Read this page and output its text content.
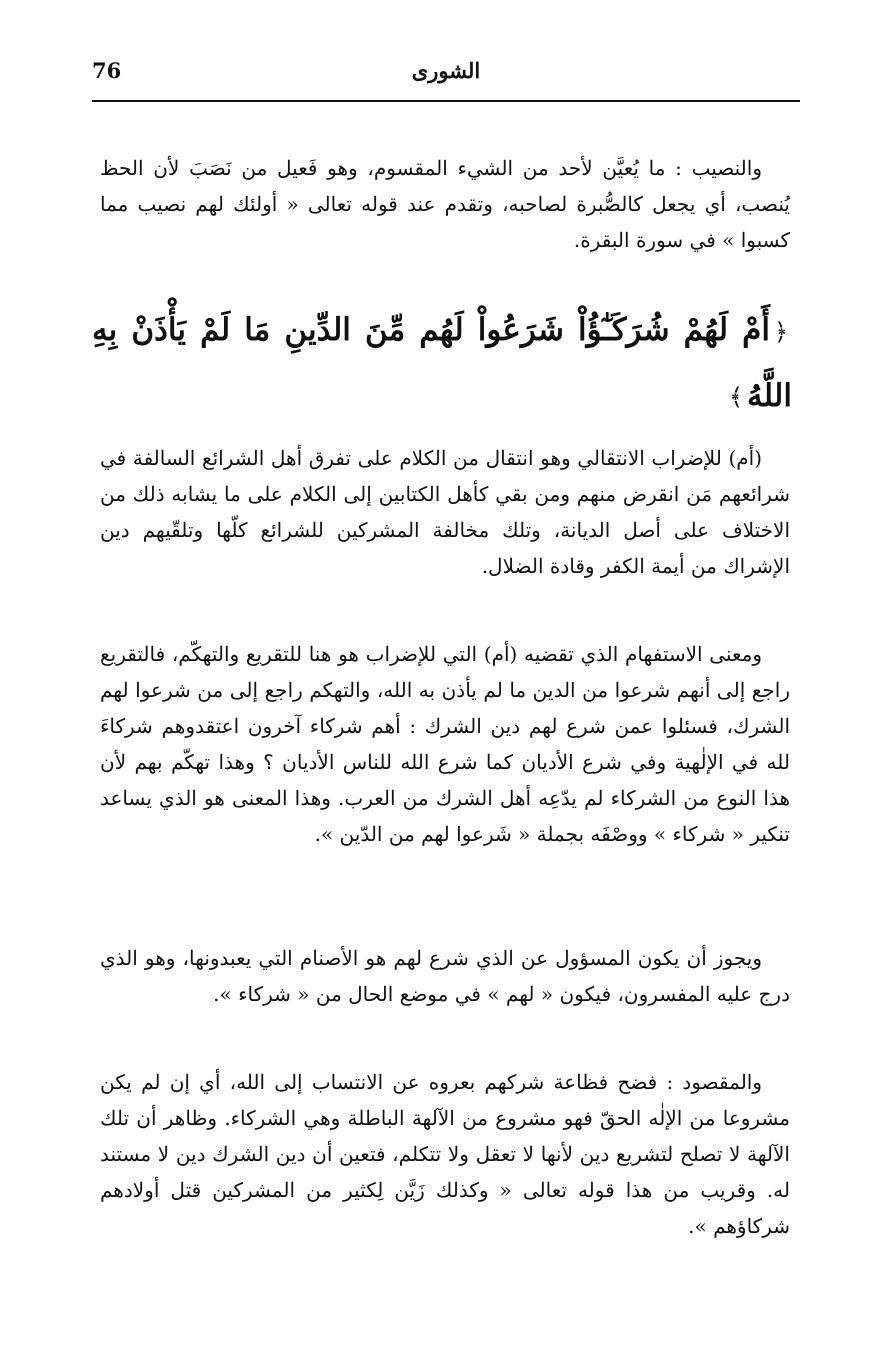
76	الشورى

والنصيب : ما يُعيَّن لأحد من الشيء المقسوم، وهو فَعيل من نَصَبَ لأن الحظ يُنصب، أي يجعل كالصُّبرة لصاحبه، وتقدم عند قوله تعالى « أولئك لهم نصيب مما كسبوا » في سورة البقرة.

﴿أَمْ لَهُمْ شُرَكَـٰٓؤُاْ شَرَعُواْ لَهُم مِّنَ الدِّينِ مَا لَمْ يَأْذَنْ بِهِ اللَّهُ﴾

(أم) للإضراب الانتقالي وهو انتقال من الكلام على تفرق أهل الشرائع السالفة في شرائعهم مَن انقرض منهم ومن بقي كأهل الكتابين إلى الكلام على ما يشابه ذلك من الاختلاف على أصل الديانة، وتلك مخالفة المشركين للشرائع كلّها وتلقّيهم دين الإشراك من أيمة الكفر وقادة الضلال.

ومعنى الاستفهام الذي تقضيه (أم) التي للإضراب هو هنا للتقريع والتهكّم، فالتقريع راجع إلى أنهم شرعوا من الدين ما لم يأذن به الله، والتهكم راجع إلى من شرعوا لهم الشرك، فسئلوا عمن شرع لهم دين الشرك : أهم شركاء آخرون اعتقدوهم شركاءَ لله في الإلٰهية وفي شرع الأديان كما شرع الله للناس الأديان ؟ وهذا تهكّم بهم لأن هذا النوع من الشركاء لم يدّعِه أهل الشرك من العرب. وهذا المعنى هو الذي يساعد تنكير « شركاء » ووصْفَه بجملة « شَرعوا لهم من الدّين ».

ويجوز أن يكون المسؤول عن الذي شرع لهم هو الأصنام التي يعبدونها، وهو الذي درج عليه المفسرون، فيكون « لهم » في موضع الحال من « شركاء ».

والمقصود : فضح فظاعة شركهم بعروه عن الانتساب إلى الله، أي إن لم يكن مشروعا من الإلٰه الحقّ فهو مشروع من الآلهة الباطلة وهي الشركاء. وظاهر أن تلك الآلهة لا تصلح لتشريع دين لأنها لا تعقل ولا تتكلم، فتعين أن دين الشرك دين لا مستند له. وقريب من هذا قوله تعالى « وكذلك زَيَّن لِكثير من المشركين قتل أولادهم شركاؤهم ».
